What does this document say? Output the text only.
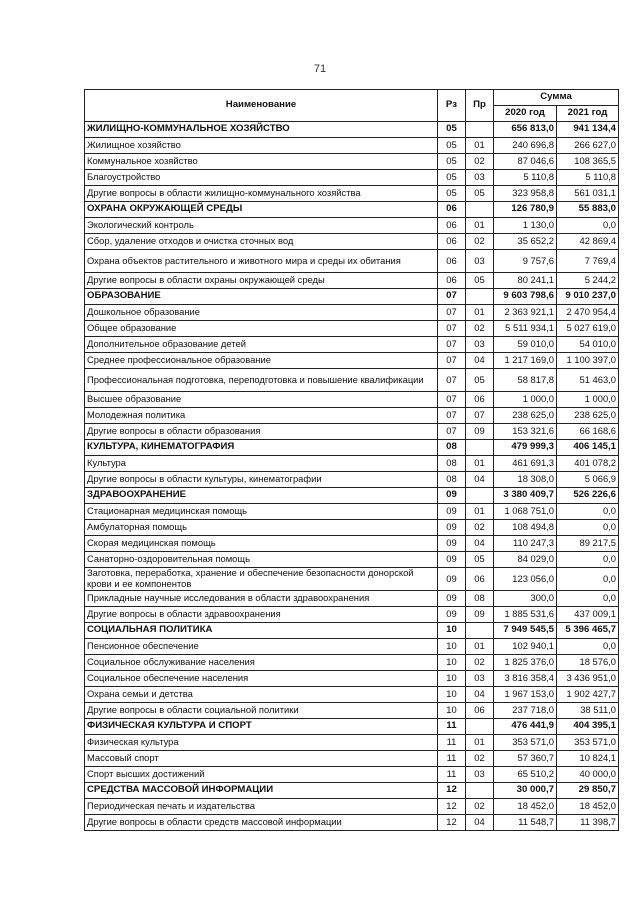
71
Наименование	Рз	Пр	Сумма	
			2020 год	2021 год
ЖИЛИЩНО-КОММУНАЛЬНОЕ ХОЗЯЙСТВО	05		656 813,0	941 134,4
Жилищное хозяйство	05	01	240 696,8	266 627,0
Коммунальное хозяйство	05	02	87 046,6	108 365,5
Благоустройство	05	03	5 110,8	5 110,8
Другие вопросы в области жилищно-коммунального хозяйства	05	05	323 958,8	561 031,1
ОХРАНА ОКРУЖАЮЩЕЙ СРЕДЫ	06		126 780,9	55 883,0
Экологический контроль	06	01	1 130,0	0,0
Сбор, удаление отходов и очистка сточных вод	06	02	35 652,2	42 869,4
Охрана объектов растительного и животного мира и среды их обитания	06	03	9 757,6	7 769,4
Другие вопросы в области охраны окружающей среды	06	05	80 241,1	5 244,2
ОБРАЗОВАНИЕ	07		9 603 798,6	9 010 237,0
Дошкольное образование	07	01	2 363 921,1	2 470 954,4
Общее образование	07	02	5 511 934,1	5 027 619,0
Дополнительное образование детей	07	03	59 010,0	54 010,0
Среднее профессиональное образование	07	04	1 217 169,0	1 100 397,0
Профессиональная подготовка, переподготовка и повышение квалификации	07	05	58 817,8	51 463,0
Высшее образование	07	06	1 000,0	1 000,0
Молодежная политика	07	07	238 625,0	238 625,0
Другие вопросы в области образования	07	09	153 321,6	66 168,6
КУЛЬТУРА, КИНЕМАТОГРАФИЯ	08		479 999,3	406 145,1
Культура	08	01	461 691,3	401 078,2
Другие вопросы в области культуры, кинематографии	08	04	18 308,0	5 066,9
ЗДРАВООХРАНЕНИЕ	09		3 380 409,7	526 226,6
Стационарная медицинская помощь	09	01	1 068 751,0	0,0
Амбулаторная помощь	09	02	108 494,8	0,0
Скорая медицинская помощь	09	04	110 247,3	89 217,5
Санаторно-оздоровительная помощь	09	05	84 029,0	0,0
Заготовка, переработка, хранение и обеспечение безопасности донорской крови и ее компонентов	09	06	123 056,0	0,0
Прикладные научные исследования в области здравоохранения	09	08	300,0	0,0
Другие вопросы в области здравоохранения	09	09	1 885 531,6	437 009,1
СОЦИАЛЬНАЯ ПОЛИТИКА	10		7 949 545,5	5 396 465,7
Пенсионное обеспечение	10	01	102 940,1	0,0
Социальное обслуживание населения	10	02	1 825 376,0	18 576,0
Социальное обеспечение населения	10	03	3 816 358,4	3 436 951,0
Охрана семьи и детства	10	04	1 967 153,0	1 902 427,7
Другие вопросы в области социальной политики	10	06	237 718,0	38 511,0
ФИЗИЧЕСКАЯ КУЛЬТУРА И СПОРТ	11		476 441,9	404 395,1
Физическая культура	11	01	353 571,0	353 571,0
Массовый спорт	11	02	57 360,7	10 824,1
Спорт высших достижений	11	03	65 510,2	40 000,0
СРЕДСТВА МАССОВОЙ ИНФОРМАЦИИ	12		30 000,7	29 850,7
Периодическая печать и издательства	12	02	18 452,0	18 452,0
Другие вопросы в области средств массовой информации	12	04	11 548,7	11 398,7
